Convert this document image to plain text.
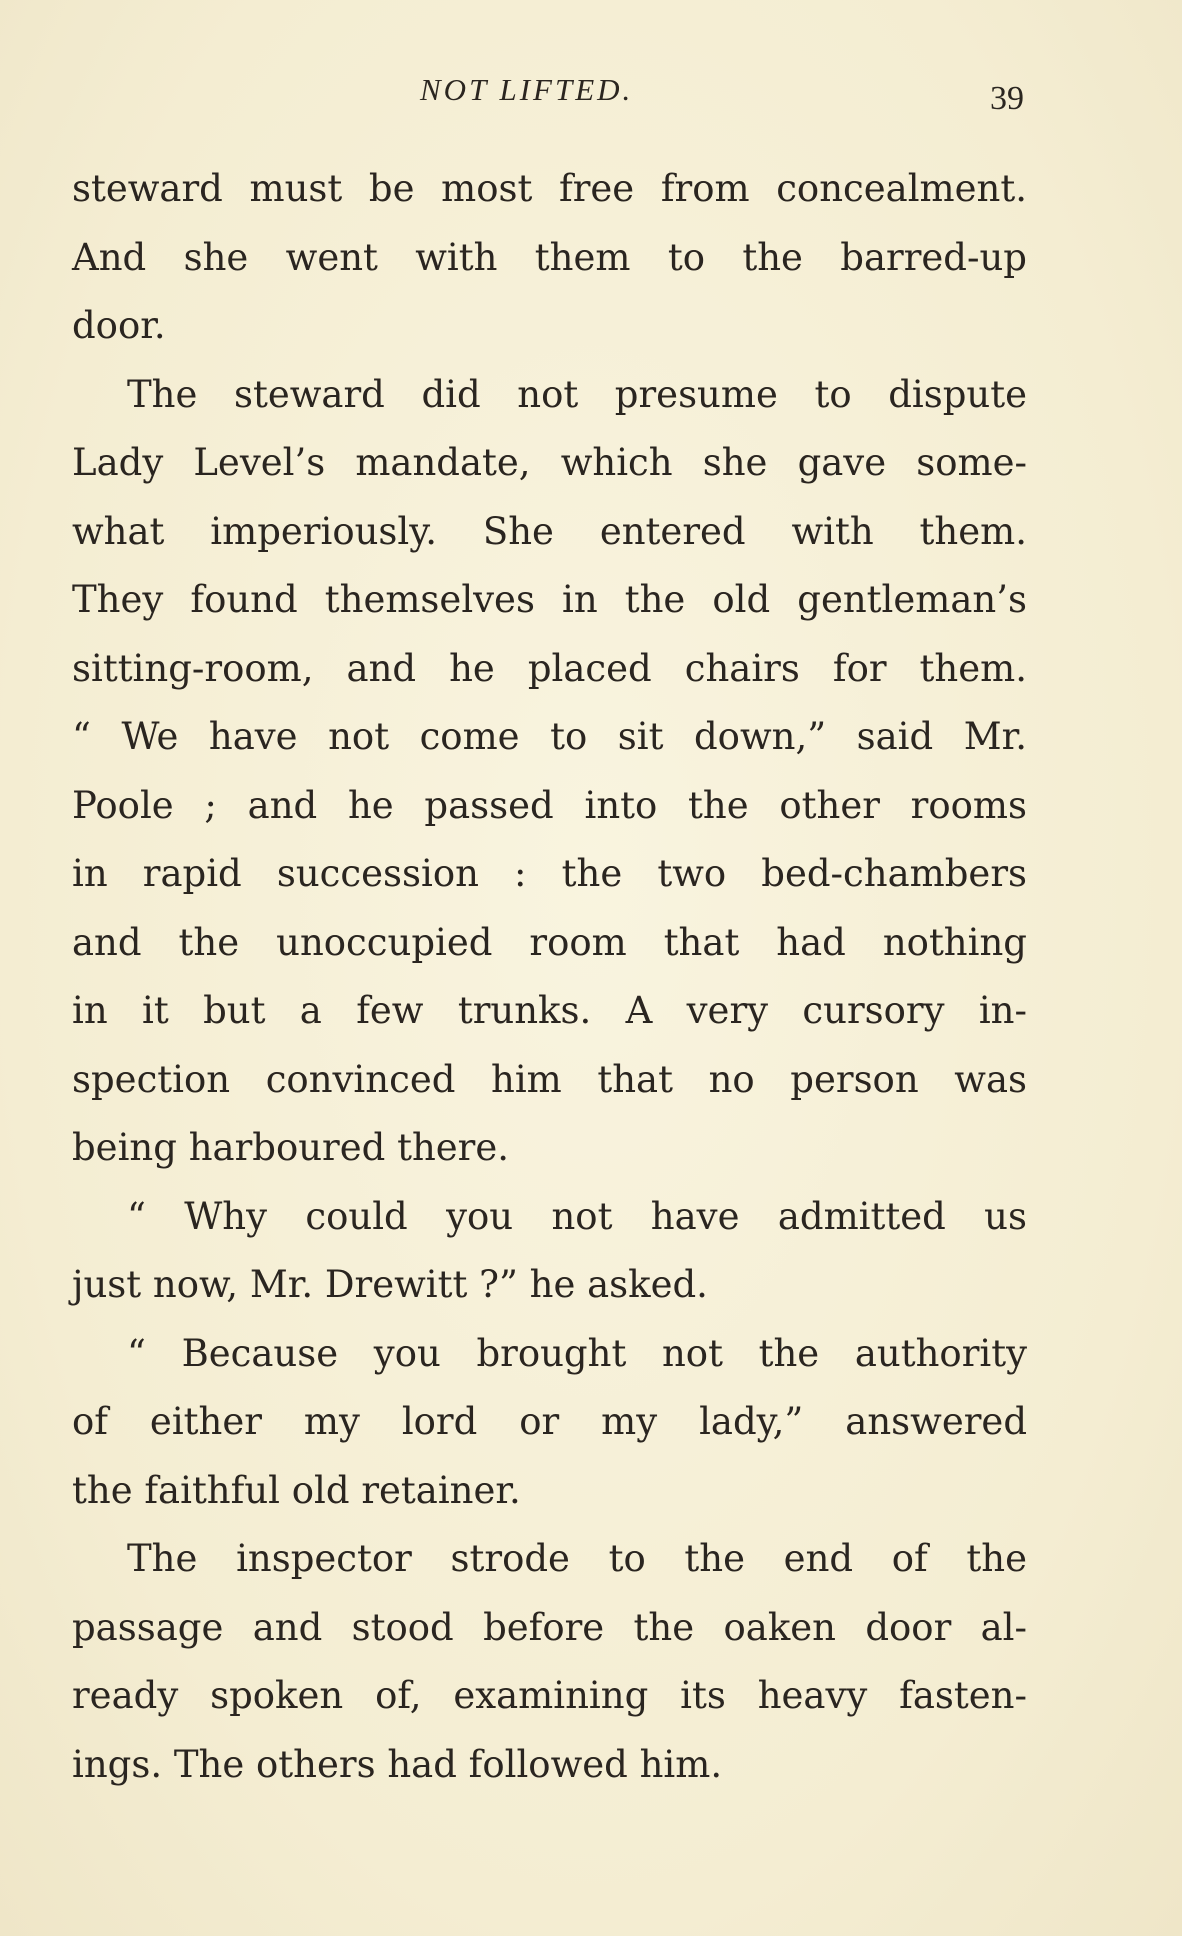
NOT LIFTED.	39
steward must be most free from concealment.
And she went with them to the barred-up
door.
The steward did not presume to dispute
Lady Level’s mandate, which she gave some-
what imperiously. She entered with them.
They found themselves in the old gentleman’s
sitting-room, and he placed chairs for them.
“ We have not come to sit down,” said Mr.
Poole ; and he passed into the other rooms
in rapid succession : the two bed-chambers
and the unoccupied room that had nothing
in it but a few trunks. A very cursory in-
spection convinced him that no person was
being harboured there.
“ Why could you not have admitted us
just now, Mr. Drewitt ?” he asked.
“ Because you brought not the authority
of either my lord or my lady,” answered
the faithful old retainer.
The inspector strode to the end of the
passage and stood before the oaken door al-
ready spoken of, examining its heavy fasten-
ings. The others had followed him.
